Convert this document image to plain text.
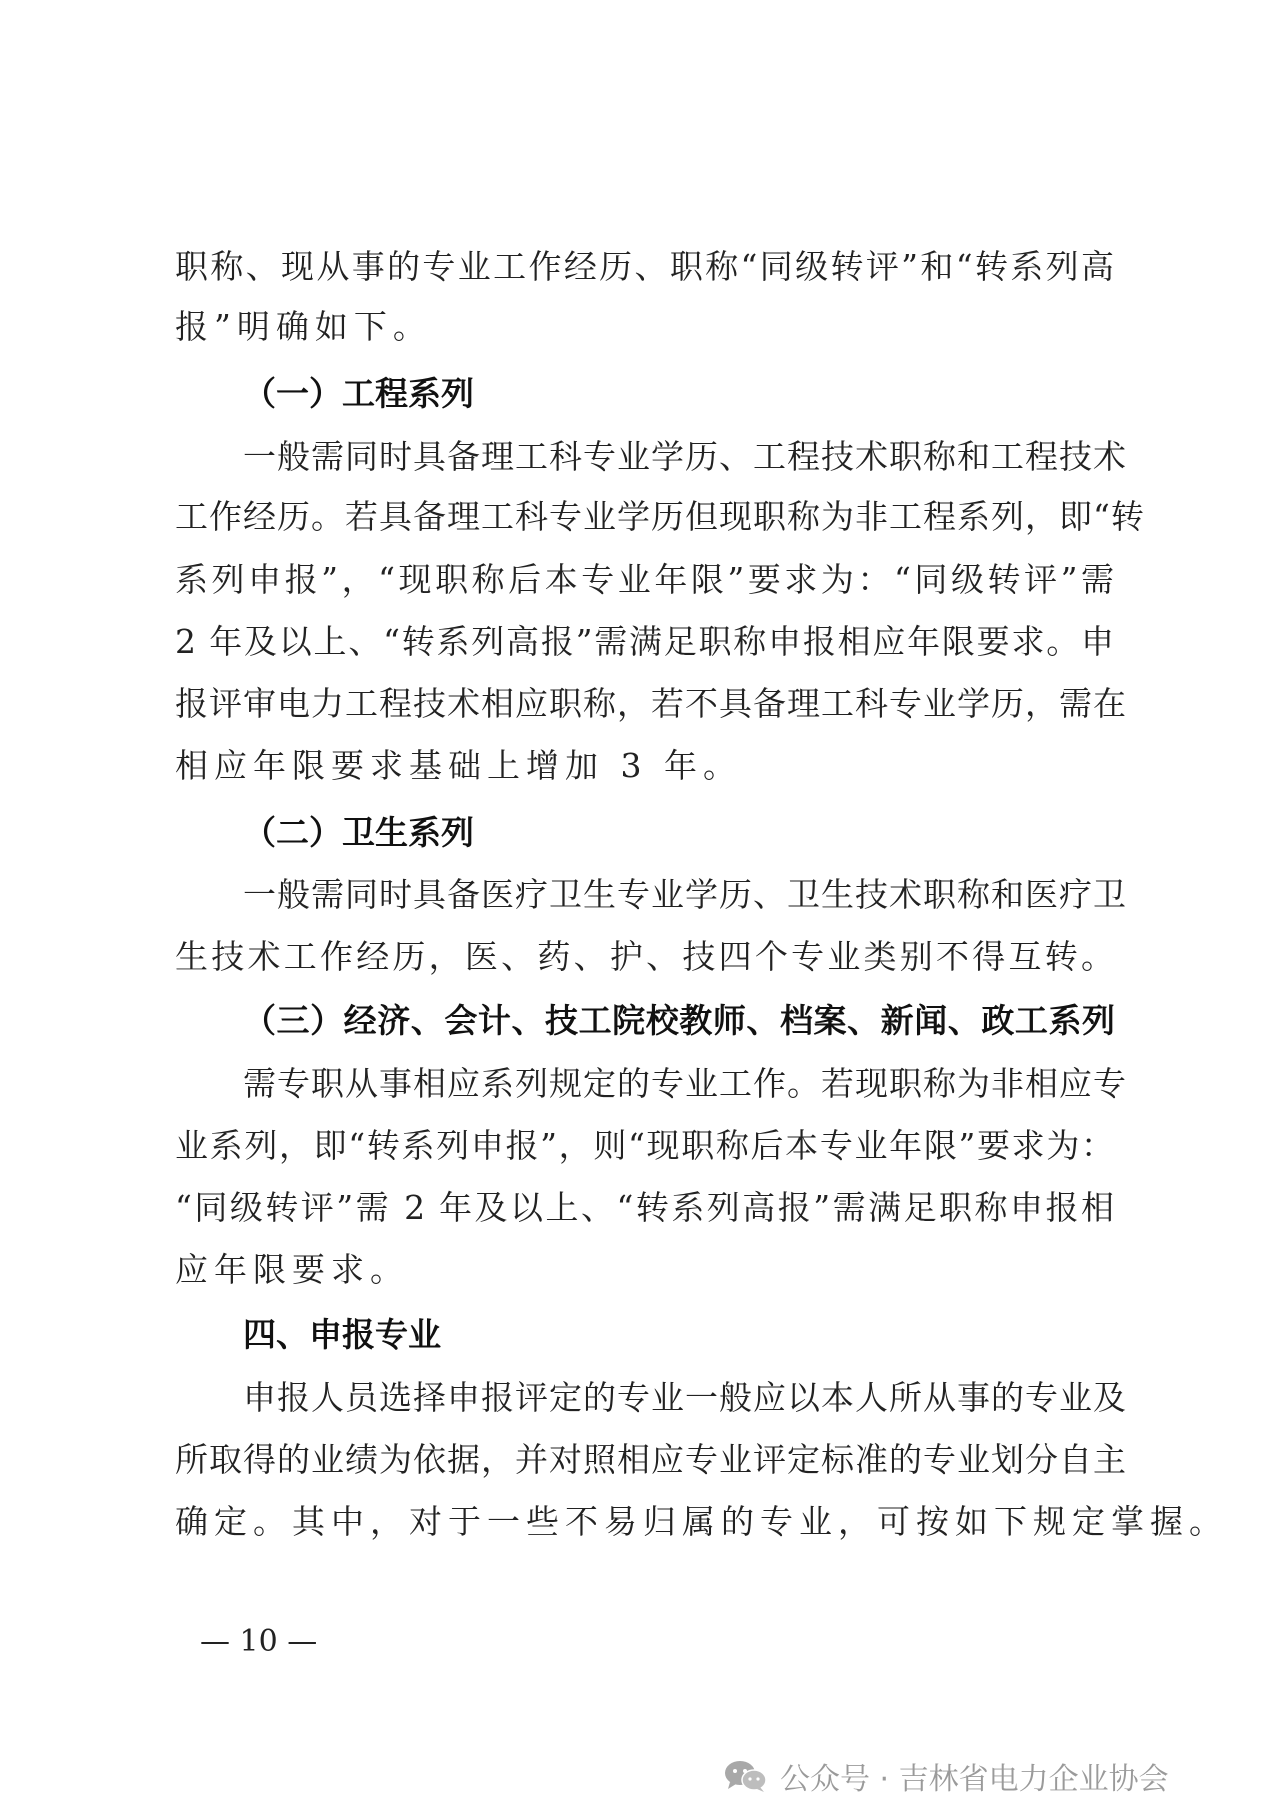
职称、现从事的专业工作经历、职称“同级转评”和“转系列高
报”明确如下。
（一）工程系列
一般需同时具备理工科专业学历、工程技术职称和工程技术
工作经历。若具备理工科专业学历但现职称为非工程系列，即“转
系列申报”，“现职称后本专业年限”要求为：“同级转评”需
2 年及以上、“转系列高报”需满足职称申报相应年限要求。申
报评审电力工程技术相应职称，若不具备理工科专业学历，需在
相应年限要求基础上增加 3 年。
（二）卫生系列
一般需同时具备医疗卫生专业学历、卫生技术职称和医疗卫
生技术工作经历，医、药、护、技四个专业类别不得互转。
（三）经济、会计、技工院校教师、档案、新闻、政工系列
需专职从事相应系列规定的专业工作。若现职称为非相应专
业系列，即“转系列申报”，则“现职称后本专业年限”要求为：
“同级转评”需 2 年及以上、“转系列高报”需满足职称申报相
应年限要求。
四、申报专业
申报人员选择申报评定的专业一般应以本人所从事的专业及
所取得的业绩为依据，并对照相应专业评定标准的专业划分自主
确定。其中，对于一些不易归属的专业，可按如下规定掌握。
— 10 —
公众号 · 吉林省电力企业协会
